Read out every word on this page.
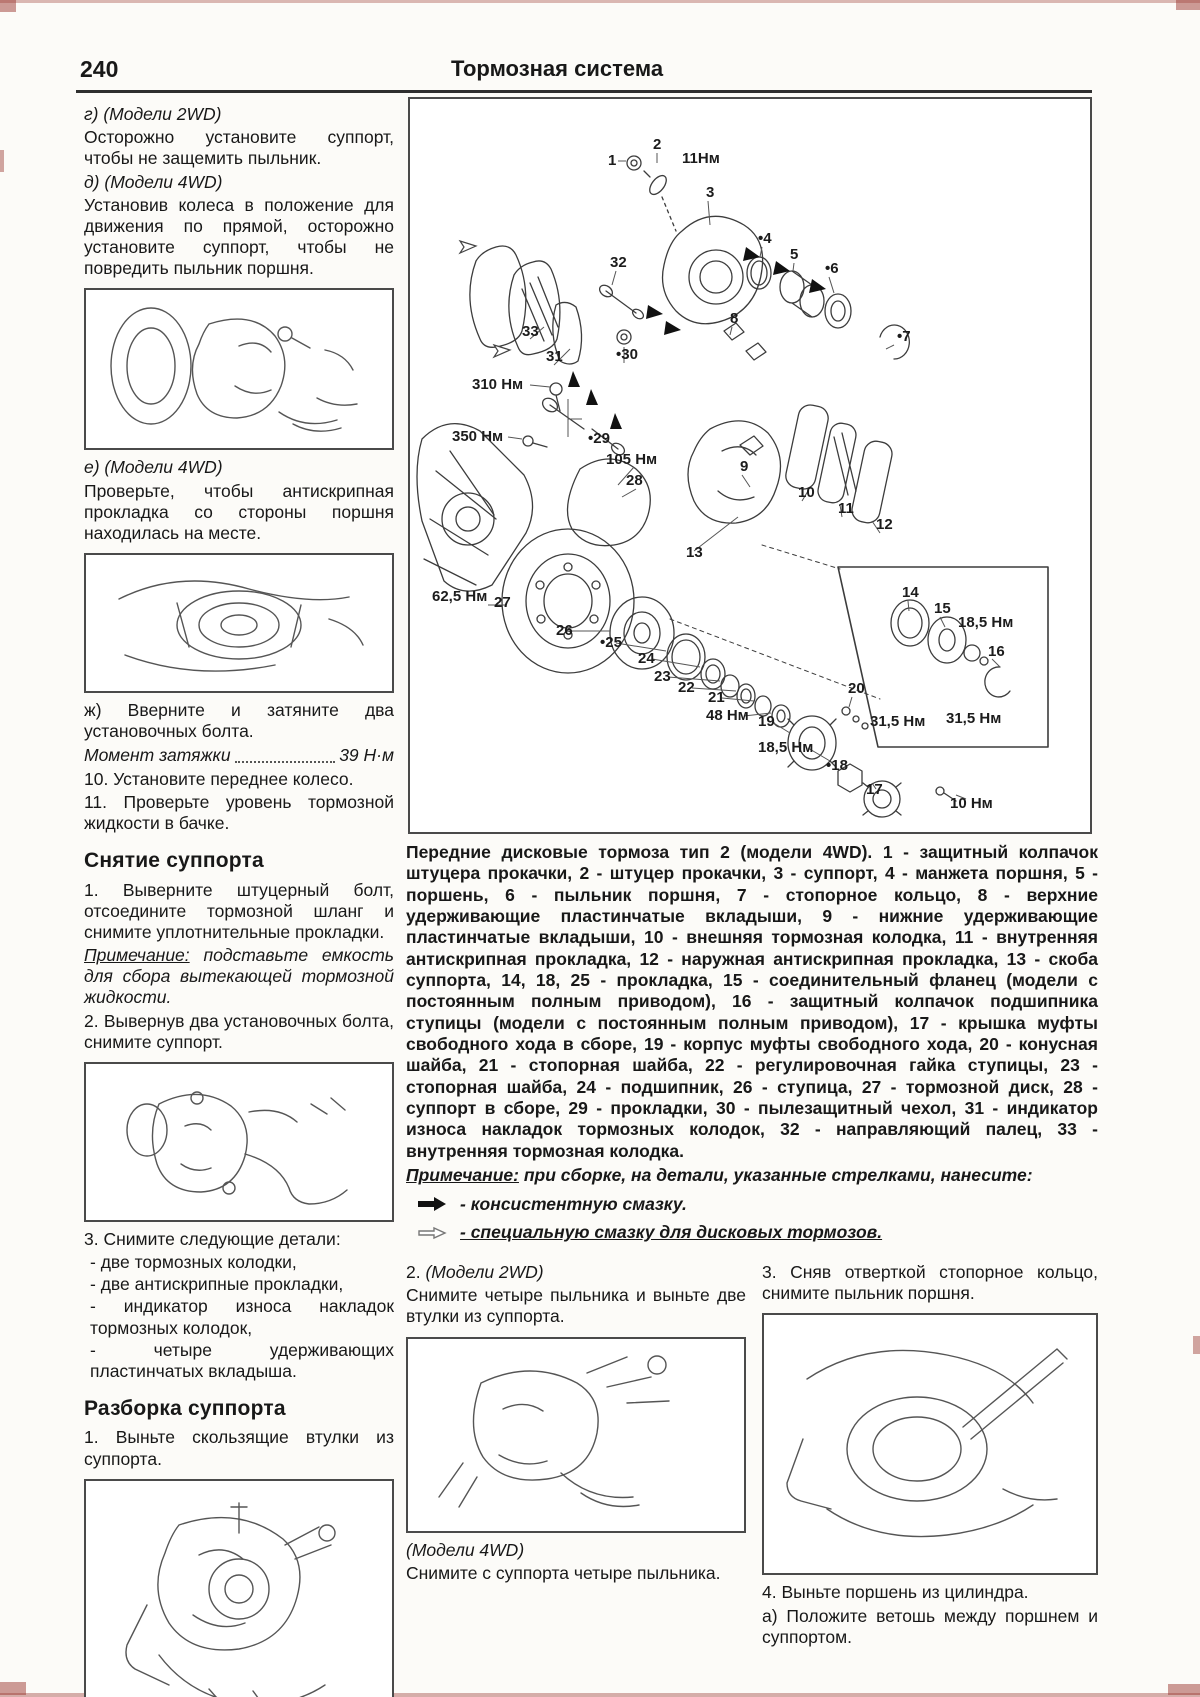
240	Тормозная система
г) (Модели 2WD)
Осторожно установите суппорт, чтобы не защемить пыльник.
д) (Модели 4WD)
Установив колеса в положение для движения по прямой, осторожно установите суппорт, чтобы не повредить пыльник поршня.
е) (Модели 4WD)
Проверьте, чтобы антискрипная прокладка со стороны поршня находилась на месте.
ж) Вверните и затяните два установочных болта.
Момент затяжки	39 Н·м
10. Установите переднее колесо.
11. Проверьте уровень тормозной жидкости в бачке.
Снятие суппорта
1. Выверните штуцерный болт, отсоедините тормозной шланг и снимите уплотнительные прокладки.
Примечание: подставьте емкость для сбора вытекающей тормозной жидкости.
2. Вывернув два установочных болта, снимите суппорт.
3. Снимите следующие детали:
- две тормозных колодки,
- две антискрипные прокладки,
- индикатор износа накладок тормозных колодок,
- четыре удерживающих пластинчатых вкладыша.
Разборка суппорта
1. Выньте скользящие втулки из суппорта.
2
1	11Нм
3
•4
5
•6
•7
8
32
33
31	•30
310 Нм
350 Нм	•29
105 Нм
28
9
10
11
12
13
62,5 Нм 27
26
•25
24
23
22
21
48 Нм 19
20
18,5 Нм
•18
17
10 Нм
31,5 Нм 31,5 Нм
14
15
18,5 Нм
16
Передние дисковые тормоза тип 2 (модели 4WD). 1 - защитный колпачок штуцера прокачки, 2 - штуцер прокачки, 3 - суппорт, 4 - манжета поршня, 5 - поршень, 6 - пыльник поршня, 7 - стопорное кольцо, 8 - верхние удерживающие пластинчатые вкладыши, 9 - нижние удерживающие пластинчатые вкладыши, 10 - внешняя тормозная колодка, 11 - внутренняя антискрипная прокладка, 12 - наружная антискрипная прокладка, 13 - скоба суппорта, 14, 18, 25 - прокладка, 15 - соединительный фланец (модели с постоянным полным приводом), 16 - защитный колпачок подшипника ступицы (модели с постоянным полным приводом), 17 - крышка муфты свободного хода в сборе, 19 - корпус муфты свободного хода, 20 - конусная шайба, 21 - стопорная шайба, 22 - регулировочная гайка ступицы, 23 - стопорная шайба, 24 - подшипник, 26 - ступица, 27 - тормозной диск, 28 - суппорт в сборе, 29 - прокладки, 30 - пылезащитный чехол, 31 - индикатор износа накладок тормозных колодок, 32 - направляющий палец, 33 - внутренняя тормозная колодка.
Примечание: при сборке, на детали, указанные стрелками, нанесите:
- консистентную смазку.
- специальную смазку для дисковых тормозов.
2. (Модели 2WD)
Снимите четыре пыльника и выньте две втулки из суппорта.
(Модели 4WD)
Снимите с суппорта четыре пыльника.
3. Сняв отверткой стопорное кольцо, снимите пыльник поршня.
4. Выньте поршень из цилиндра.
а) Положите ветошь между поршнем и суппортом.
